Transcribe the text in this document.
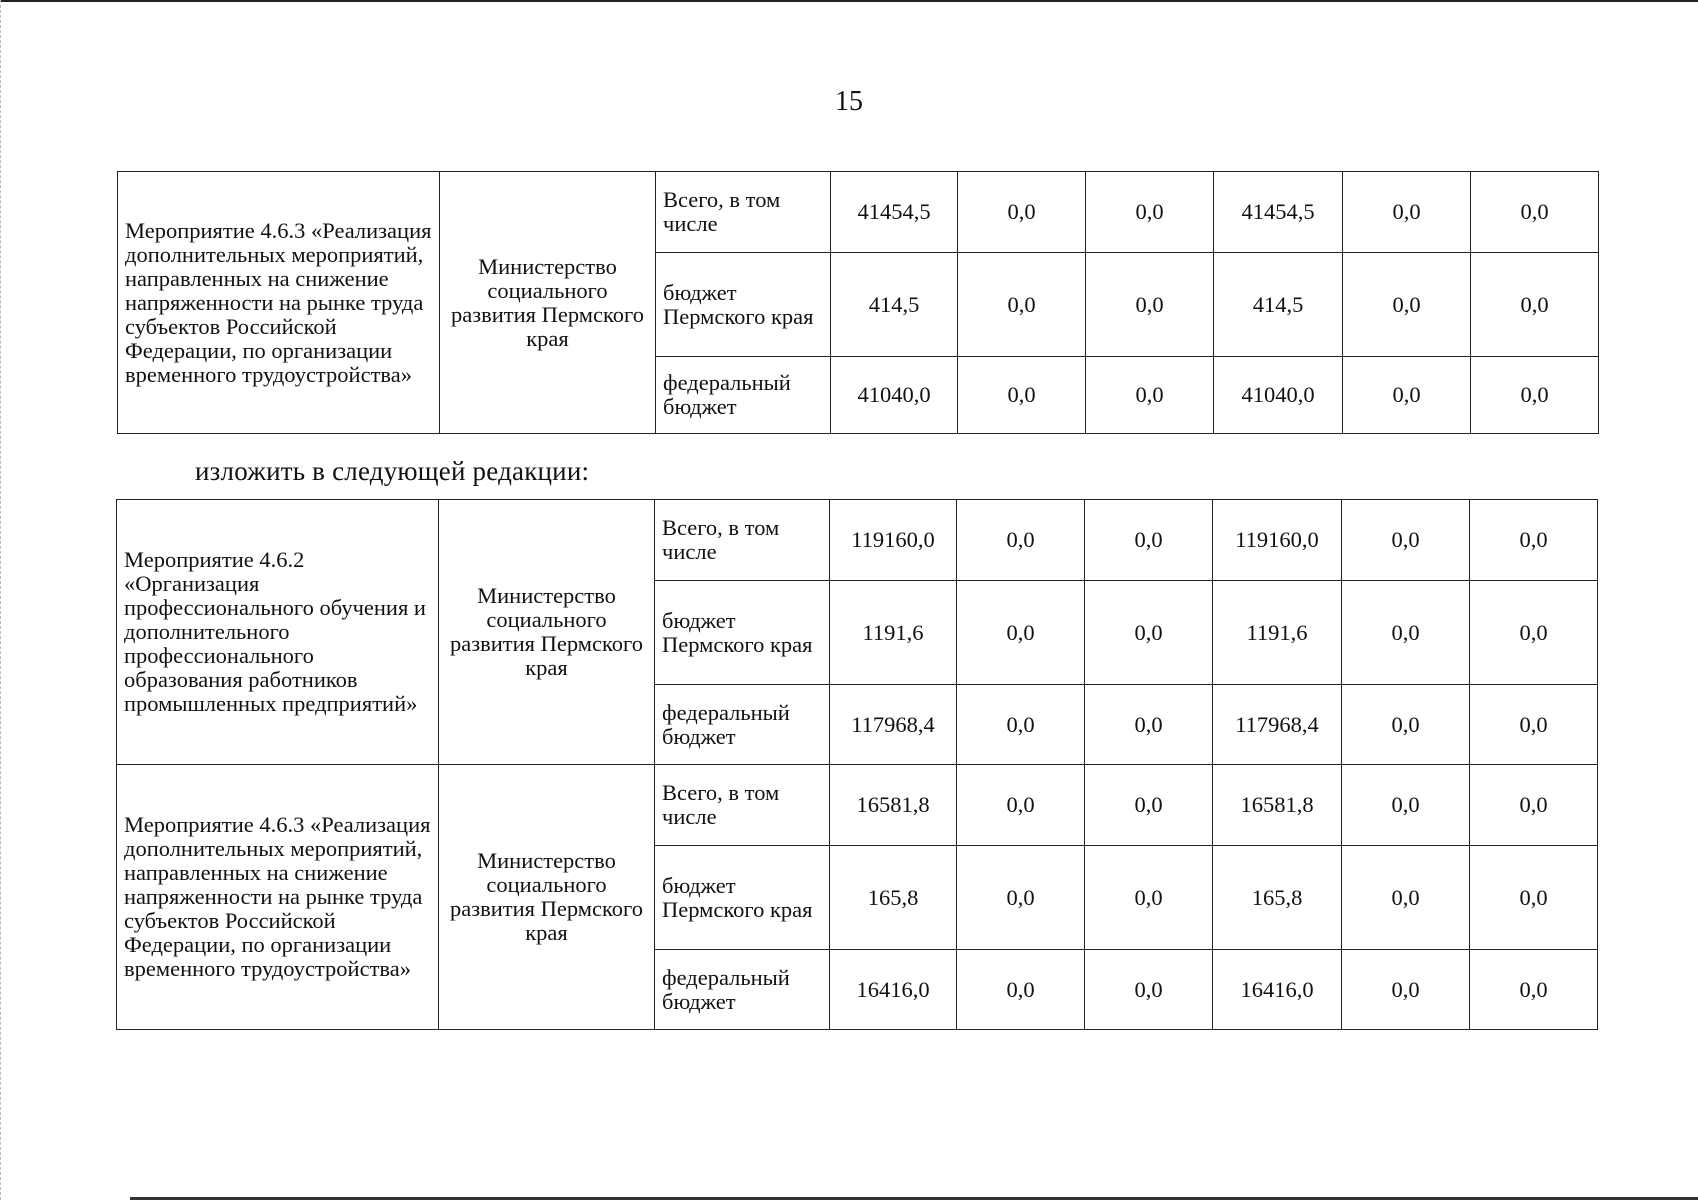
15
Мероприятие 4.6.3 «Реализация дополнительных мероприятий, направленных на снижение напряженности на рынке труда субъектов Российской Федерации, по организации временного трудоустройства»	Министерство социального развития Пермского края	Всего, в том числе	41454,5	0,0	0,0	41454,5	0,0	0,0
		бюджет Пермского края	414,5	0,0	0,0	414,5	0,0	0,0
		федеральный бюджет	41040,0	0,0	0,0	41040,0	0,0	0,0
изложить в следующей редакции:
Мероприятие 4.6.2 «Организация профессионального обучения и дополнительного профессионального образования работников промышленных предприятий»	Министерство социального развития Пермского края	Всего, в том числе	119160,0	0,0	0,0	119160,0	0,0	0,0
		бюджет Пермского края	1191,6	0,0	0,0	1191,6	0,0	0,0
		федеральный бюджет	117968,4	0,0	0,0	117968,4	0,0	0,0
Мероприятие 4.6.3 «Реализация дополнительных мероприятий, направленных на снижение напряженности на рынке труда субъектов Российской Федерации, по организации временного трудоустройства»	Министерство социального развития Пермского края	Всего, в том числе	16581,8	0,0	0,0	16581,8	0,0	0,0
		бюджет Пермского края	165,8	0,0	0,0	165,8	0,0	0,0
		федеральный бюджет	16416,0	0,0	0,0	16416,0	0,0	0,0
